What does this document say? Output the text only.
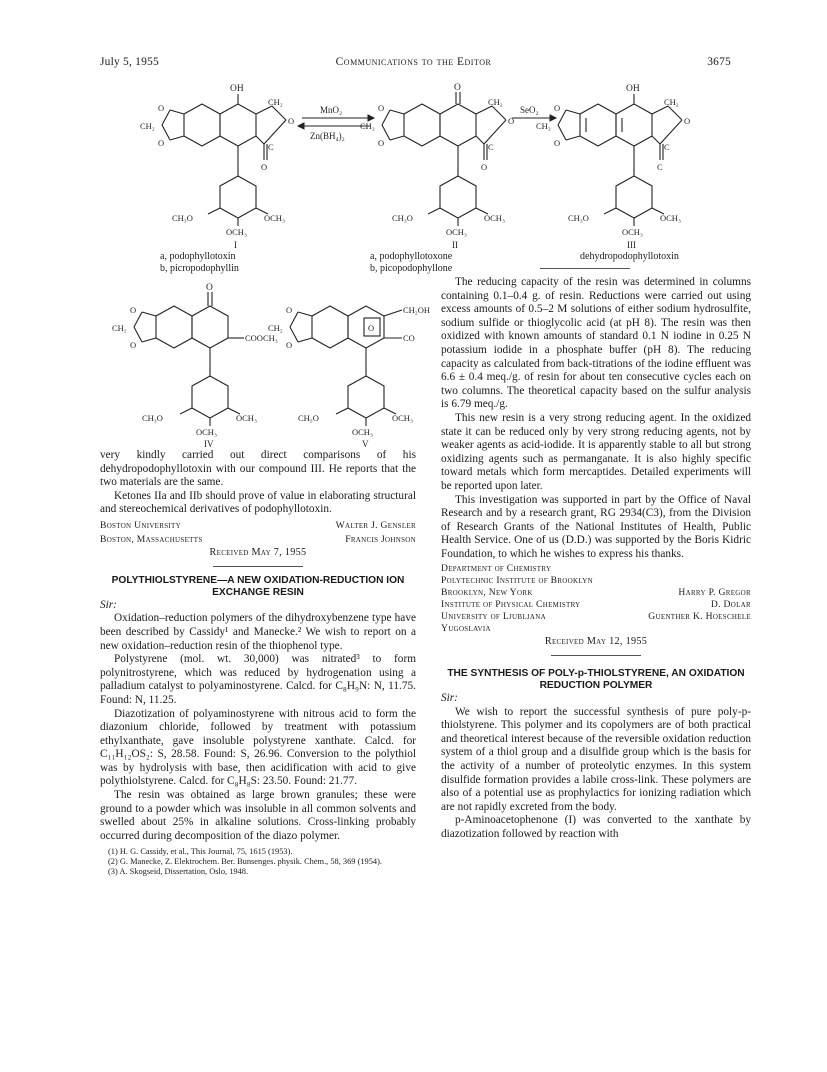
July 5, 1955	Communications to the Editor	3675
OH
O
O
CH₂
CH₂
O
C
O
CH₃O	OCH₃
OCH₃
I
a, podophyllotoxin
b, picropodophyllin
MnO₂
Zn(BH₄)₂
O
O
O
CH₂
CH₂
O
C
O
CH₃O	OCH₃
OCH₃
II
a, podophyllotoxone
b, picopodophyllone
SeO₂
OH
O
O
CH₂
CH₂
O
C
C
CH₃O	OCH₃
OCH₃
III
dehydropodophyllotoxin
O
O
O
CH₂
COOCH₃
CH₃O	OCH₃
OCH₃
IV
O
O
CH₂	O
CH₂OH
CO
CH₃O	OCH₃
OCH₃
V

very kindly carried out direct comparisons of his dehydropodophyllotoxin with our compound III. He reports that the two materials are the same.

Ketones IIa and IIb should prove of value in elaborating structural and stereochemical derivatives of podophyllotoxin.

Boston University	Walter J. Gensler
Boston, Massachusetts	Francis Johnson
Received May 7, 1955
POLYTHIOLSTYRENE—A NEW OXIDATION-REDUCTION ION EXCHANGE RESIN

Sir:

Oxidation–reduction polymers of the dihydroxybenzene type have been described by Cassidy¹ and Manecke.² We wish to report on a new oxidation–reduction resin of the thiophenol type.

Polystyrene (mol. wt. 30,000) was nitrated³ to form polynitrostyrene, which was reduced by hydrogenation using a palladium catalyst to polyaminostyrene. Calcd. for C₈H₉N: N, 11.75. Found: N, 11.25.

Diazotization of polyaminostyrene with nitrous acid to form the diazonium chloride, followed by treatment with potassium ethylxanthate, gave insoluble polystyrene xanthate. Calcd. for C₁₁H₁₂OS₂: S, 28.58. Found: S, 26.96. Conversion to the polythiol was by hydrolysis with base, then acidification with acid to give polythiolstyrene. Calcd. for C₈H₈S: 23.50. Found: 21.77.

The resin was obtained as large brown granules; these were ground to a powder which was insoluble in all common solvents and swelled about 25% in alkaline solutions. Cross-linking probably occurred during decomposition of the diazo polymer.

(1) H. G. Cassidy, et al., This Journal, 75, 1615 (1953).

(2) G. Manecke, Z. Elektrochem. Ber. Bunsenges. physik. Chem., 58, 369 (1954).

(3) A. Skogseid, Dissertation, Oslo, 1948.

The reducing capacity of the resin was determined in columns containing 0.1–0.4 g. of resin. Reductions were carried out using excess amounts of 0.5–2 M solutions of either sodium hydrosulfite, sodium sulfide or thioglycolic acid (at pH 8). The resin was then oxidized with known amounts of standard 0.1 N iodine in 0.25 N potassium iodide in a phosphate buffer (pH 8). The reducing capacity as calculated from back-titrations of the iodine effluent was 6.6 ± 0.4 meq./g. of resin for about ten consecutive cycles each on two columns. The theoretical capacity based on the sulfur analysis is 6.79 meq./g.

This new resin is a very strong reducing agent. In the oxidized state it can be reduced only by very strong reducing agents, not by weaker agents as acid-iodide. It is apparently stable to all but strong oxidizing agents such as permanganate. It is also highly specific toward metals which form mercaptides. Detailed experiments will be reported upon later.

This investigation was supported in part by the Office of Naval Research and by a research grant, RG 2934(C3), from the Division of Research Grants of the National Institutes of Health, Public Health Service. One of us (D.D.) was supported by the Boris Kidric Foundation, to which he wishes to express his thanks.

Department of Chemistry
Polytechnic Institute of Brooklyn
Brooklyn, New York	Harry P. Gregor
Institute of Physical Chemistry	D. Dolar
University of Ljubljana	Guenther K. Hoeschele
Yugoslavia
Received May 12, 1955
THE SYNTHESIS OF POLY-p-THIOLSTYRENE, AN OXIDATION REDUCTION POLYMER

Sir:

We wish to report the successful synthesis of pure poly-p-thiolstyrene. This polymer and its copolymers are of both practical and theoretical interest because of the reversible oxidation reduction system of a thiol group and a disulfide group which is the basis for the activity of a number of proteolytic enzymes. In this system disulfide formation provides a labile cross-link. These polymers are also of a potential use as prophylactics for ionizing radiation which are not rapidly excreted from the body.

p-Aminoacetophenone (I) was converted to the xanthate by diazotization followed by reaction with
